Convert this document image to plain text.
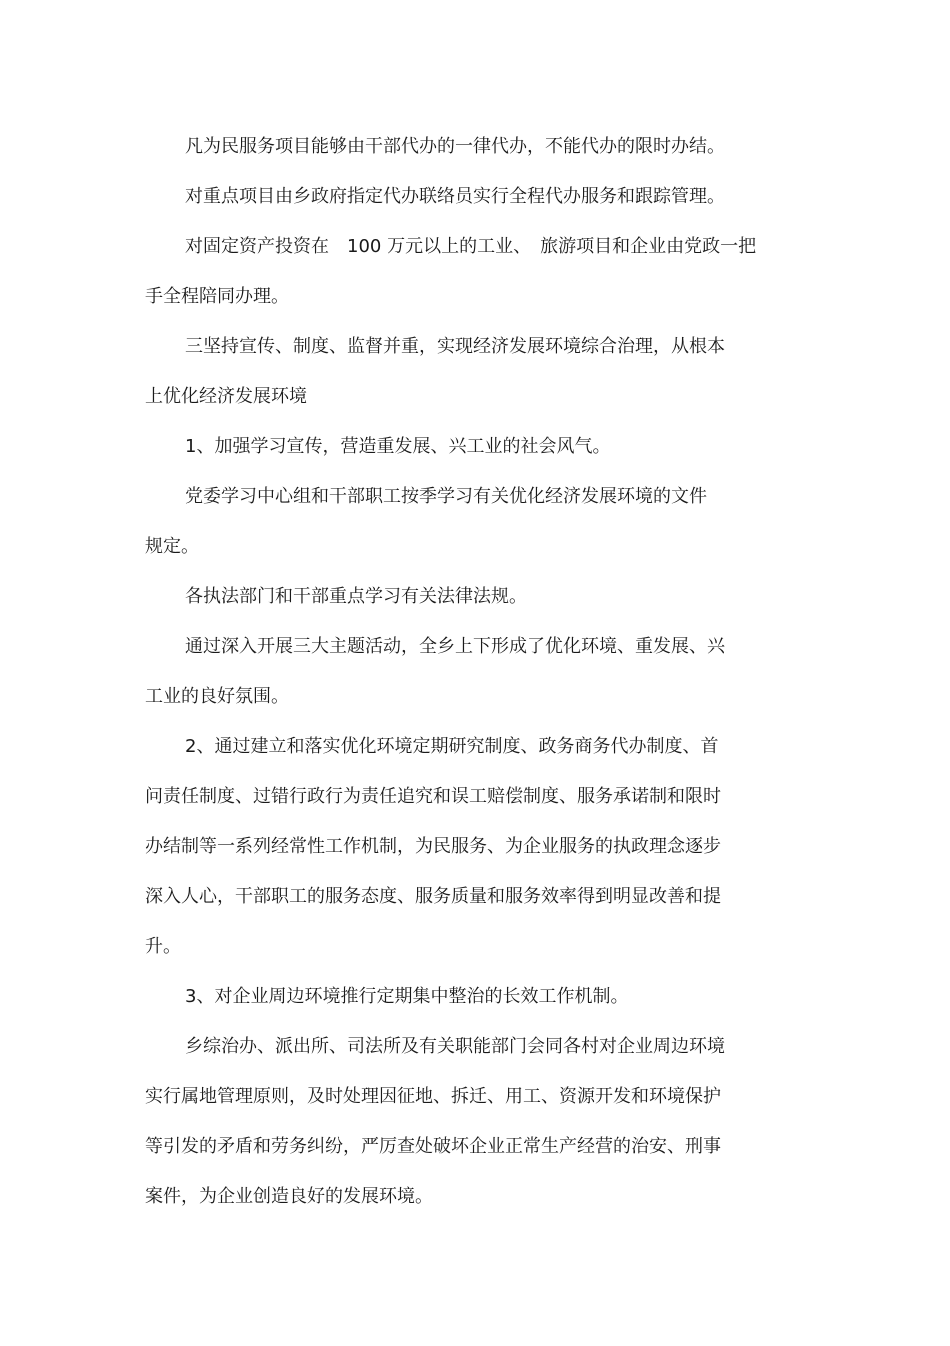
凡为民服务项目能够由干部代办的一律代办，不能代办的限时办结。
对重点项目由乡政府指定代办联络员实行全程代办服务和跟踪管理。
对固定资产投资在　100 万元以上的工业、　旅游项目和企业由党政一把
手全程陪同办理。
三坚持宣传、制度、监督并重，实现经济发展环境综合治理，从根本
上优化经济发展环境
1、加强学习宣传，营造重发展、兴工业的社会风气。
党委学习中心组和干部职工按季学习有关优化经济发展环境的文件
规定。
各执法部门和干部重点学习有关法律法规。
通过深入开展三大主题活动，全乡上下形成了优化环境、重发展、兴
工业的良好氛围。
2、通过建立和落实优化环境定期研究制度、政务商务代办制度、首
问责任制度、过错行政行为责任追究和误工赔偿制度、服务承诺制和限时
办结制等一系列经常性工作机制，为民服务、为企业服务的执政理念逐步
深入人心，干部职工的服务态度、服务质量和服务效率得到明显改善和提
升。
3、对企业周边环境推行定期集中整治的长效工作机制。
乡综治办、派出所、司法所及有关职能部门会同各村对企业周边环境
实行属地管理原则，及时处理因征地、拆迁、用工、资源开发和环境保护
等引发的矛盾和劳务纠纷，严厉查处破坏企业正常生产经营的治安、刑事
案件，为企业创造良好的发展环境。
